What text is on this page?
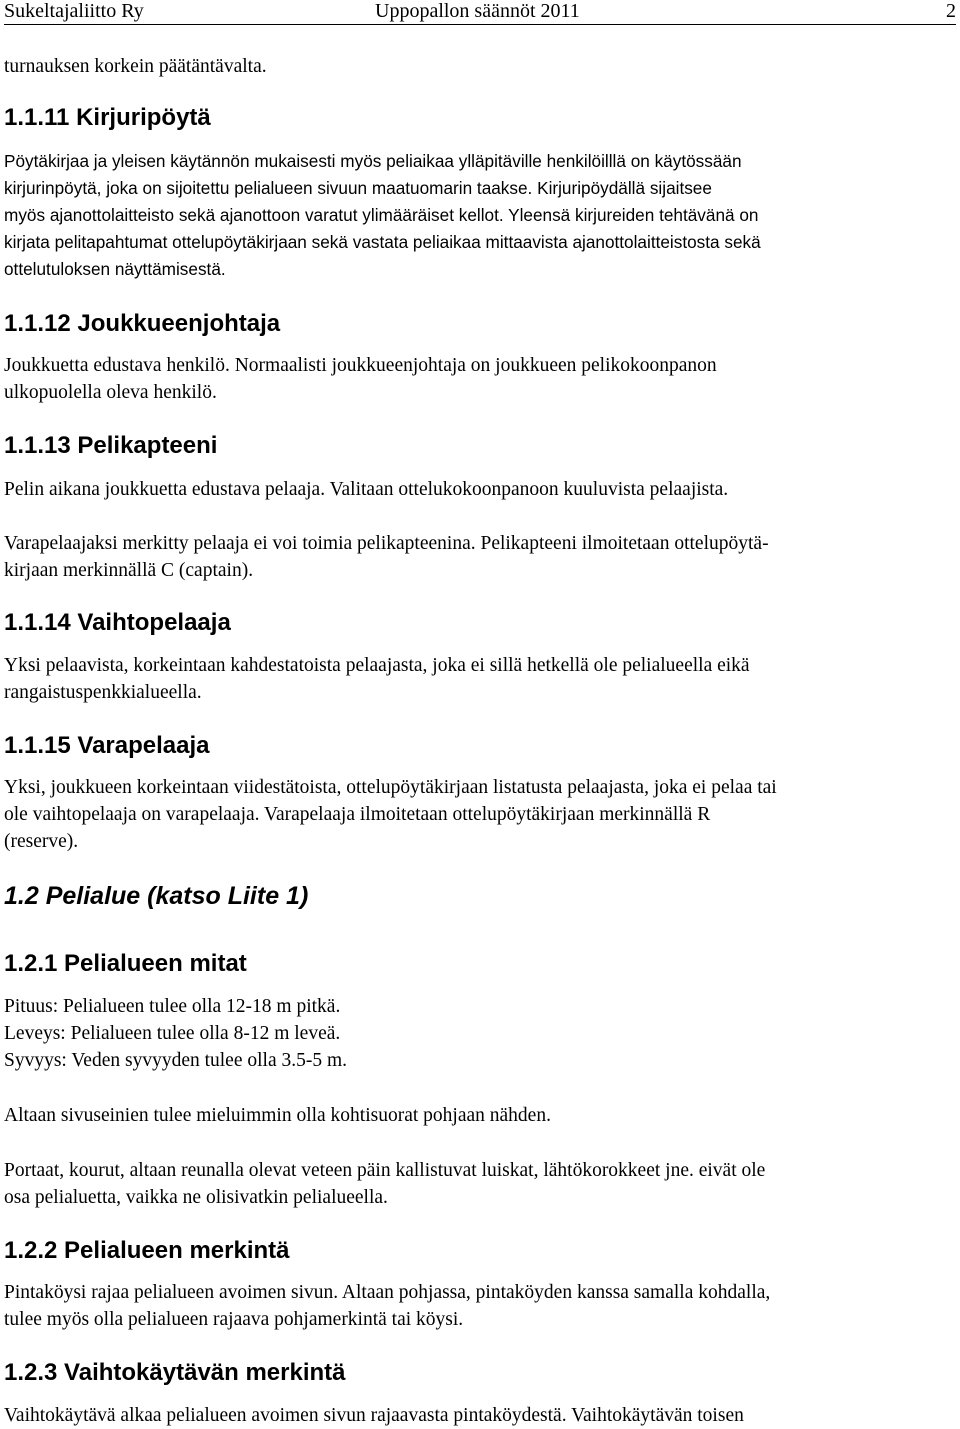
Sukeltajaliitto Ry	Uppopallon säännöt 2011	2

turnauksen korkein päätäntävalta.

1.1.11 Kirjuripöytä
Pöytäkirjaa ja yleisen käytännön mukaisesti myös peliaikaa ylläpitäville henkilöilllä on käytössään
kirjurinpöytä, joka on sijoitettu pelialueen sivuun maatuomarin taakse. Kirjuripöydällä sijaitsee
myös ajanottolaitteisto sekä ajanottoon varatut ylimääräiset kellot. Yleensä kirjureiden tehtävänä on
kirjata pelitapahtumat ottelupöytäkirjaan sekä vastata peliaikaa mittaavista ajanottolaitteistosta sekä
ottelutuloksen näyttämisestä.
1.1.12 Joukkueenjohtaja
Joukkuetta edustava henkilö. Normaalisti joukkueenjohtaja on joukkueen pelikokoonpanon
ulkopuolella oleva henkilö.
1.1.13 Pelikapteeni

Pelin aikana joukkuetta edustava pelaaja. Valitaan ottelukokoonpanoon kuuluvista pelaajista.

Varapelaajaksi merkitty pelaaja ei voi toimia pelikapteenina. Pelikapteeni ilmoitetaan ottelupöytä-
kirjaan merkinnällä C (captain).
1.1.14 Vaihtopelaaja
Yksi pelaavista, korkeintaan kahdestatoista pelaajasta, joka ei sillä hetkellä ole pelialueella eikä
rangaistuspenkkialueella.
1.1.15 Varapelaaja
Yksi, joukkueen korkeintaan viidestätoista, ottelupöytäkirjaan listatusta pelaajasta, joka ei pelaa tai
ole vaihtopelaaja on varapelaaja. Varapelaaja ilmoitetaan ottelupöytäkirjaan merkinnällä R
(reserve).
1.2 Pelialue (katso Liite 1)
1.2.1 Pelialueen mitat
Pituus: Pelialueen tulee olla 12-18 m pitkä.
Leveys: Pelialueen tulee olla 8-12 m leveä.
Syvyys: Veden syvyyden tulee olla 3.5-5 m.

Altaan sivuseinien tulee mieluimmin olla kohtisuorat pohjaan nähden.

Portaat, kourut, altaan reunalla olevat veteen päin kallistuvat luiskat, lähtökorokkeet jne. eivät ole
osa pelialuetta, vaikka ne olisivatkin pelialueella.
1.2.2 Pelialueen merkintä
Pintaköysi rajaa pelialueen avoimen sivun. Altaan pohjassa, pintaköyden kanssa samalla kohdalla,
tulee myös olla pelialueen rajaava pohjamerkintä tai köysi.
1.2.3 Vaihtokäytävän merkintä

Vaihtokäytävä alkaa pelialueen avoimen sivun rajaavasta pintaköydestä. Vaihtokäytävän toisen
